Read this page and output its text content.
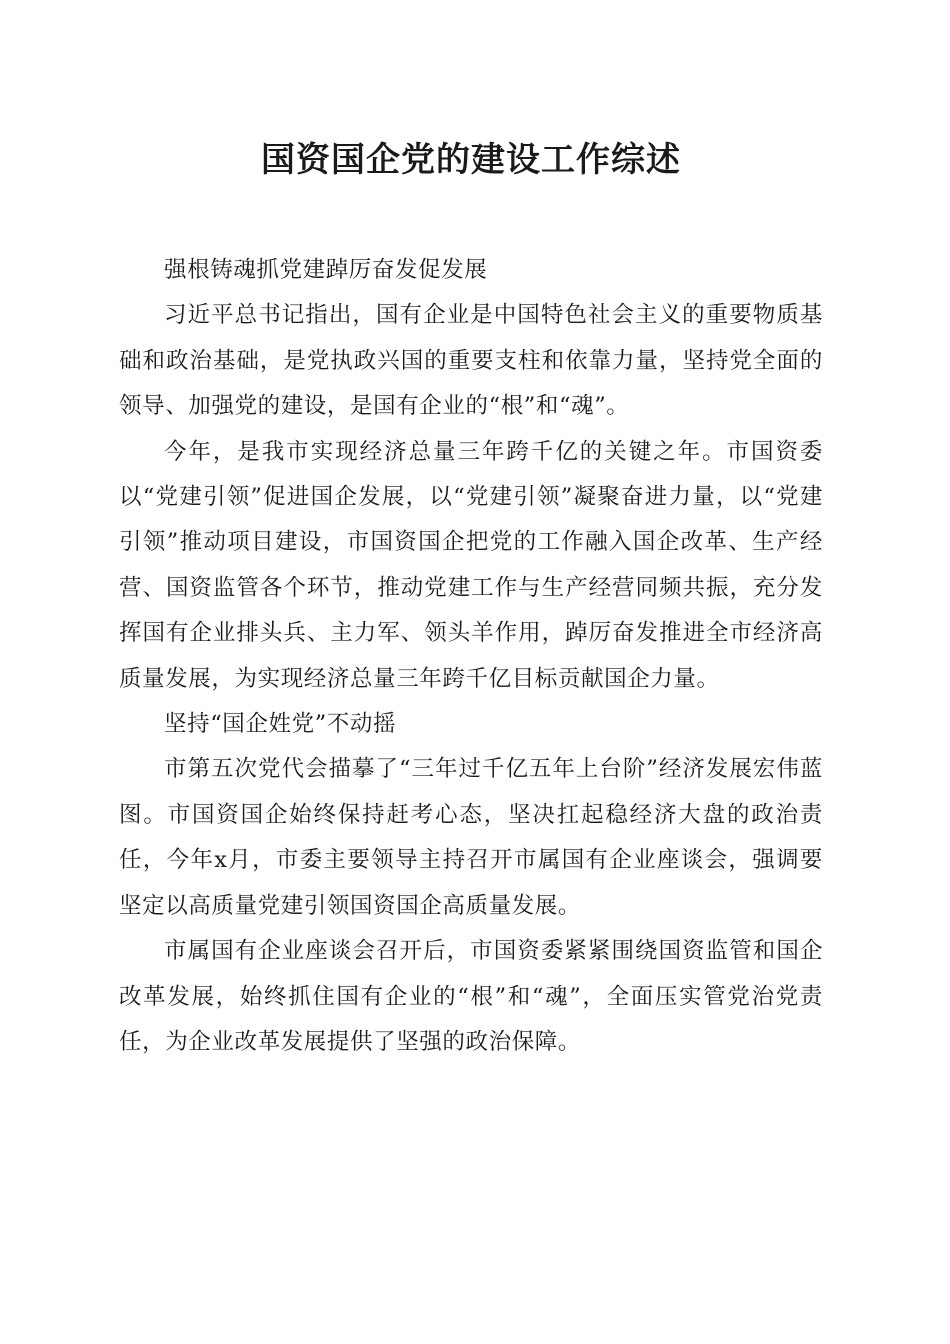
国资国企党的建设工作综述

强根铸魂抓党建踔厉奋发促发展

习近平总书记指出，国有企业是中国特色社会主义的重要物质基础和政治基础，是党执政兴国的重要支柱和依靠力量，坚持党全面的领导、加强党的建设，是国有企业的“根”和“魂”。

今年，是我市实现经济总量三年跨千亿的关键之年。市国资委以“党建引领”促进国企发展，以“党建引领”凝聚奋进力量，以“党建引领”推动项目建设，市国资国企把党的工作融入国企改革、生产经营、国资监管各个环节，推动党建工作与生产经营同频共振，充分发挥国有企业排头兵、主力军、领头羊作用，踔厉奋发推进全市经济高质量发展，为实现经济总量三年跨千亿目标贡献国企力量。

坚持“国企姓党”不动摇

市第五次党代会描摹了“三年过千亿五年上台阶”经济发展宏伟蓝图。市国资国企始终保持赶考心态，坚决扛起稳经济大盘的政治责任，今年x月，市委主要领导主持召开市属国有企业座谈会，强调要坚定以高质量党建引领国资国企高质量发展。

市属国有企业座谈会召开后，市国资委紧紧围绕国资监管和国企改革发展，始终抓住国有企业的“根”和“魂”，全面压实管党治党责任，为企业改革发展提供了坚强的政治保障。
